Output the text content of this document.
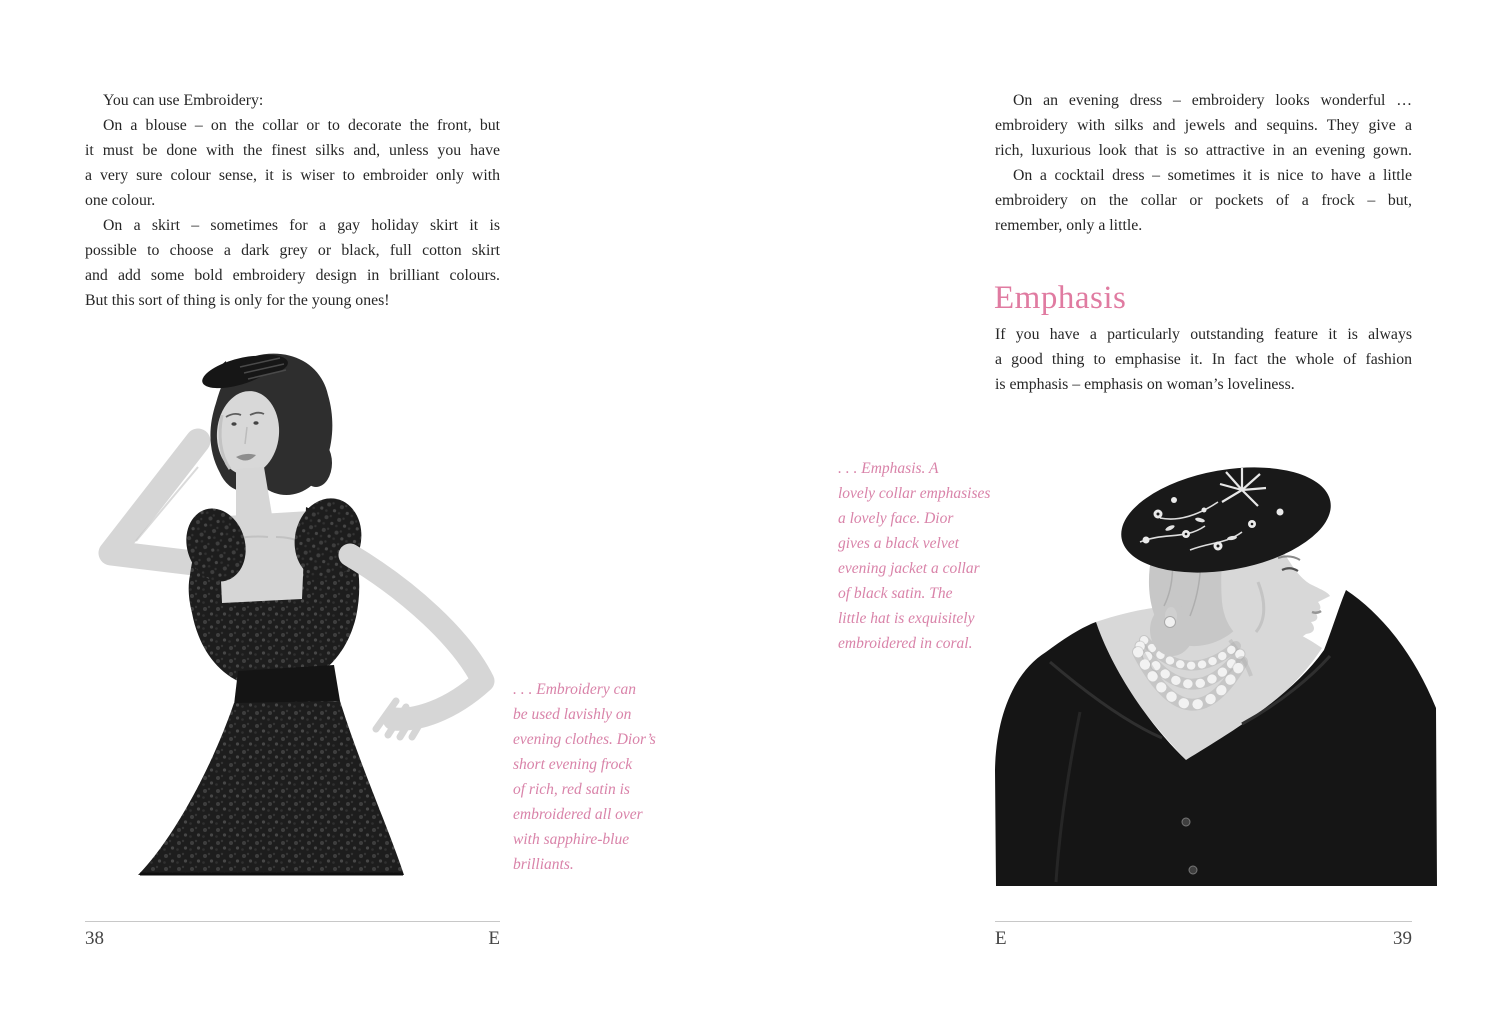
You can use Embroidery:
On a blouse – on the collar or to decorate the front, but
it must be done with the finest silks and, unless you have
a very sure colour sense, it is wiser to embroider only with
one colour.
On a skirt – sometimes for a gay holiday skirt it is
possible to choose a dark grey or black, full cotton skirt
and add some bold embroidery design in brilliant colours.
But this sort of thing is only for the young ones!
. . . Embroidery can
be used lavishly on
evening clothes. Dior’s
short evening frock
of rich, red satin is
embroidered all over
with sapphire-blue
brilliants.
38	E
On an evening dress – embroidery looks wonderful …
embroidery with silks and jewels and sequins. They give a
rich, luxurious look that is so attractive in an evening gown.
On a cocktail dress – sometimes it is nice to have a little
embroidery on the collar or pockets of a frock – but,
remember, only a little.
Emphasis
If you have a particularly outstanding feature it is always
a good thing to emphasise it. In fact the whole of fashion
is emphasis – emphasis on woman’s loveliness.
. . . Emphasis. A
lovely collar emphasises
a lovely face. Dior
gives a black velvet
evening jacket a collar
of black satin. The
little hat is exquisitely
embroidered in coral.
E	39
